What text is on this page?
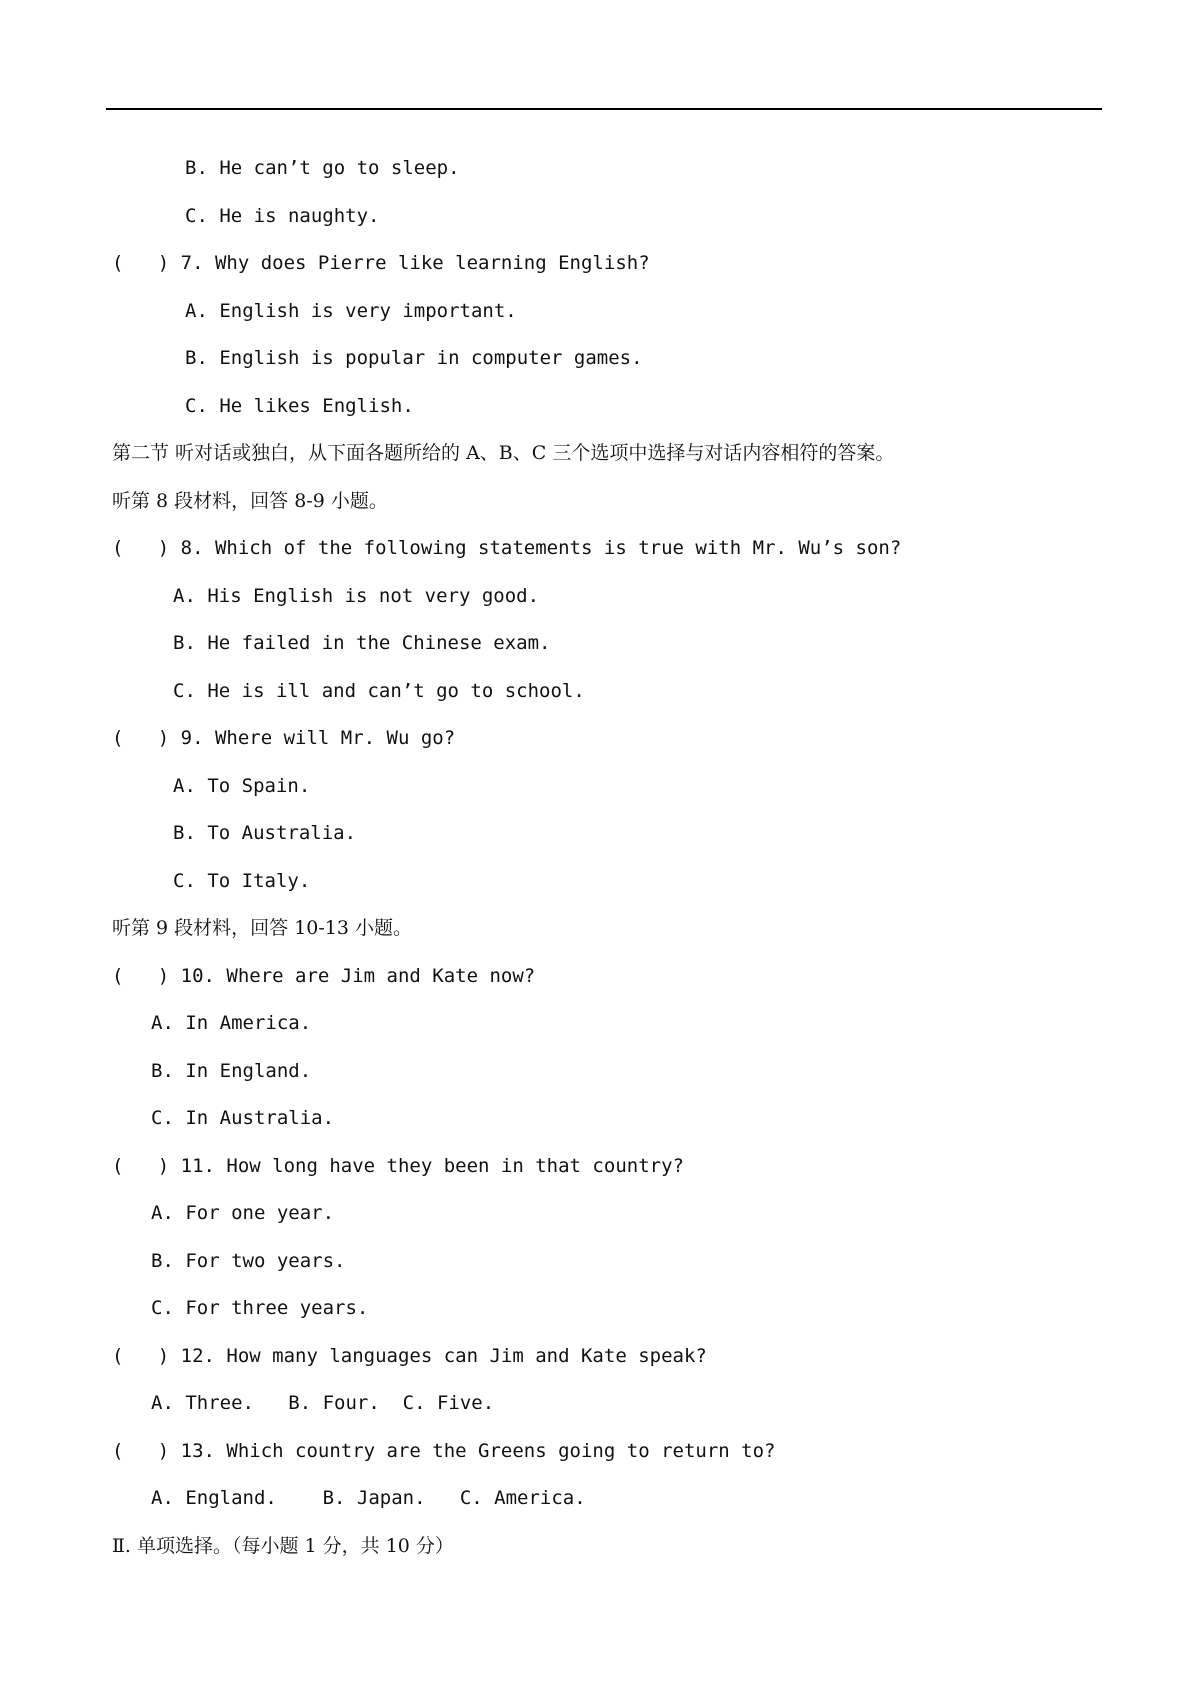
B. He can’t go to sleep.
C. He is naughty.
(   ) 7. Why does Pierre like learning English?
A. English is very important.
B. English is popular in computer games.
C. He likes English.
第二节 听对话或独白，从下面各题所给的 A、B、C 三个选项中选择与对话内容相符的答案。
听第 8 段材料，回答 8-9 小题。
(   ) 8. Which of the following statements is true with Mr. Wu’s son?
A. His English is not very good.
B. He failed in the Chinese exam.
C. He is ill and can’t go to school.
(   ) 9. Where will Mr. Wu go?
A. To Spain.
B. To Australia.
C. To Italy.
听第 9 段材料，回答 10-13 小题。
(   ) 10. Where are Jim and Kate now?
A. In America.
B. In England.
C. In Australia.
(   ) 11. How long have they been in that country?
A. For one year.
B. For two years.
C. For three years.
(   ) 12. How many languages can Jim and Kate speak?
A. Three.   B. Four.  C. Five.
(   ) 13. Which country are the Greens going to return to?
A. England.    B. Japan.   C. America.
Ⅱ. 单项选择。（每小题 1 分，共 10 分）
